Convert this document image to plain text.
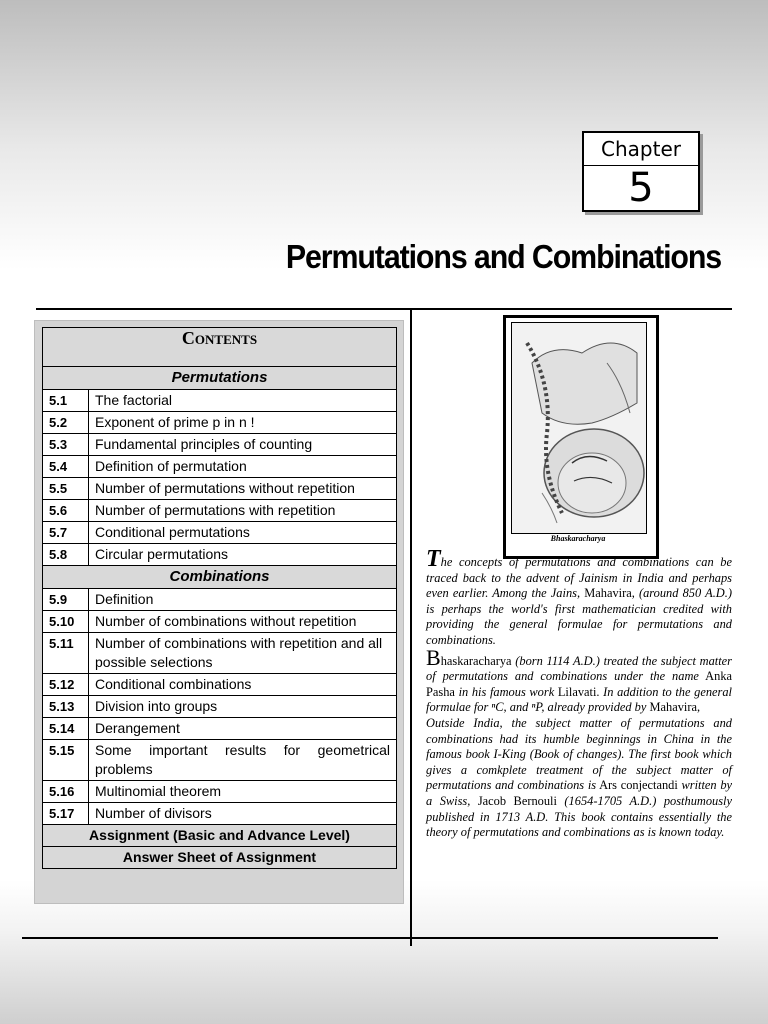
Chapter
5
Permutations and Combinations
Contents	
Permutations	
5.1	The factorial
5.2	Exponent of prime p in n !
5.3	Fundamental principles of counting
5.4	Definition of permutation
5.5	Number of permutations without repetition
5.6	Number of permutations with repetition
5.7	Conditional permutations
5.8	Circular permutations
Combinations	
5.9	Definition
5.10	Number of combinations without repetition
5.11	Number of combinations with repetition and all possible selections
5.12	Conditional combinations
5.13	Division into groups
5.14	Derangement
5.15	Some important results for geometrical problems
5.16	Multinomial theorem
5.17	Number of divisors
Assignment (Basic and Advance Level)	
Answer Sheet of Assignment	
Bhaskaracharya

The concepts of permutations and combinations can be traced back to the advent of Jainism in India and perhaps even earlier. Among the Jains, Mahavira, (around 850 A.D.) is perhaps the world's first mathematician credited with providing the general formulae for permutations and combinations.

Bhaskaracharya (born 1114 A.D.) treated the subject matter of permutations and combinations under the name Anka Pasha in his famous work Lilavati. In addition to the general formulae for ⁿC, and ⁿP, already provided by Mahavira,

Outside India, the subject matter of permutations and combinations had its humble beginnings in China in the famous book I-King (Book of changes). The first book which gives a comkplete treatment of the subject matter of permutations and combinations is Ars conjectandi written by a Swiss, Jacob Bernouli (1654-1705 A.D.) posthumously published in 1713 A.D. This book contains essentially the theory of permutations and combinations as is known today.
